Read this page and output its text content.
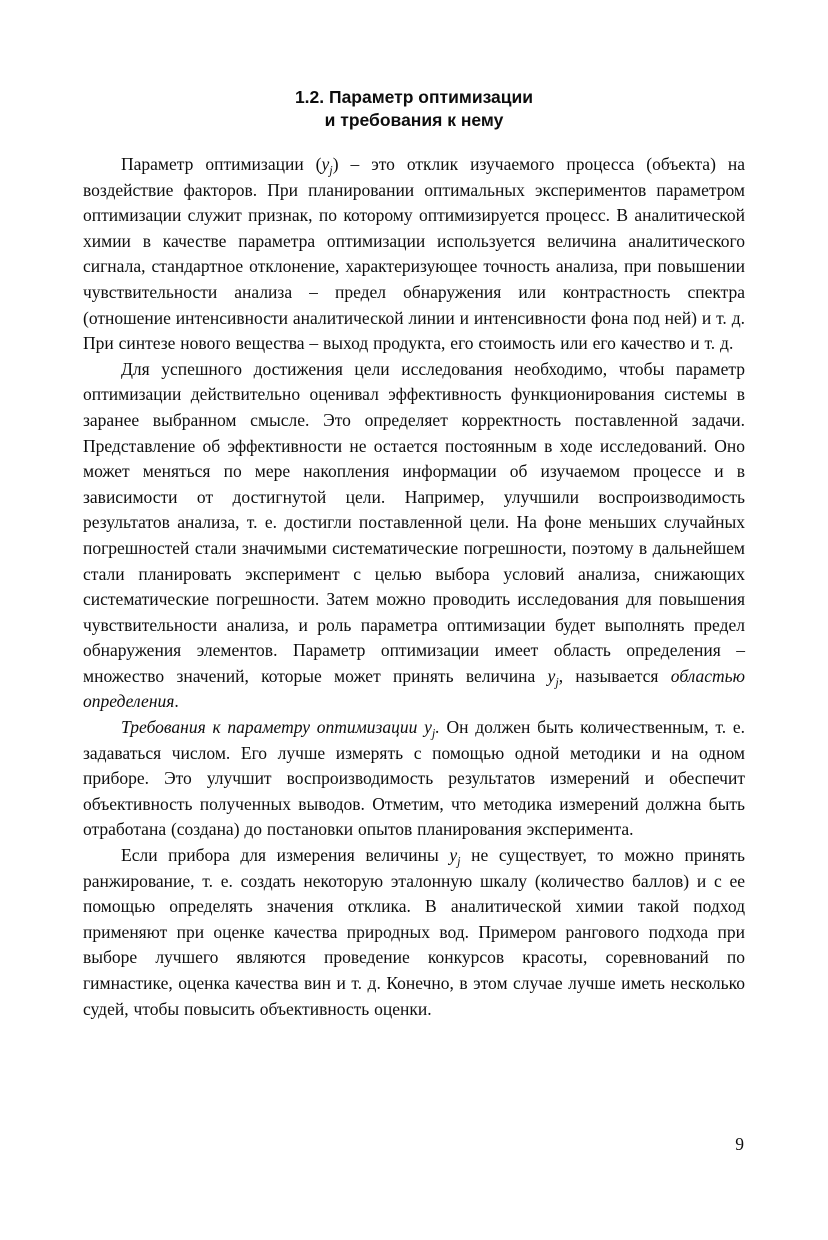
1.2. Параметр оптимизации
и требования к нему

Параметр оптимизации $(y_j)$ – это отклик изучаемого процесса (объекта) на воздействие факторов. При планировании оптимальных экспериментов параметром оптимизации служит признак, по которому оптимизируется процесс. В аналитической химии в качестве параметра оптимизации используется величина аналитического сигнала, стандартное отклонение, характеризующее точность анализа, при повышении чувствительности анализа – предел обнаружения или контрастность спектра (отношение интенсивности аналитической линии и интенсивности фона под ней) и т. д. При синтезе нового вещества – выход продукта, его стоимость или его качество и т. д.

Для успешного достижения цели исследования необходимо, чтобы параметр оптимизации действительно оценивал эффективность функционирования системы в заранее выбранном смысле. Это определяет корректность поставленной задачи. Представление об эффективности не остается постоянным в ходе исследований. Оно может меняться по мере накопления информации об изучаемом процессе и в зависимости от достигнутой цели. Например, улучшили воспроизводимость результатов анализа, т. е. достигли поставленной цели. На фоне меньших случайных погрешностей стали значимыми систематические погрешности, поэтому в дальнейшем стали планировать эксперимент с целью выбора условий анализа, снижающих систематические погрешности. Затем можно проводить исследования для повышения чувствительности анализа, и роль параметра оптимизации будет выполнять предел обнаружения элементов. Параметр оптимизации имеет область определения – множество значений, которые может принять величина $y_j$, называется областью определения.

Требования к параметру оптимизации $y_j$. Он должен быть количественным, т. е. задаваться числом. Его лучше измерять с помощью одной методики и на одном приборе. Это улучшит воспроизводимость результатов измерений и обеспечит объективность полученных выводов. Отметим, что методика измерений должна быть отработана (создана) до постановки опытов планирования эксперимента.

Если прибора для измерения величины $y_j$ не существует, то можно принять ранжирование, т. е. создать некоторую эталонную шкалу (количество баллов) и с ее помощью определять значения отклика. В аналитической химии такой подход применяют при оценке качества природных вод. Примером рангового подхода при выборе лучшего являются проведение конкурсов красоты, соревнований по гимнастике, оценка качества вин и т. д. Конечно, в этом случае лучше иметь несколько судей, чтобы повысить объективность оценки.

9
